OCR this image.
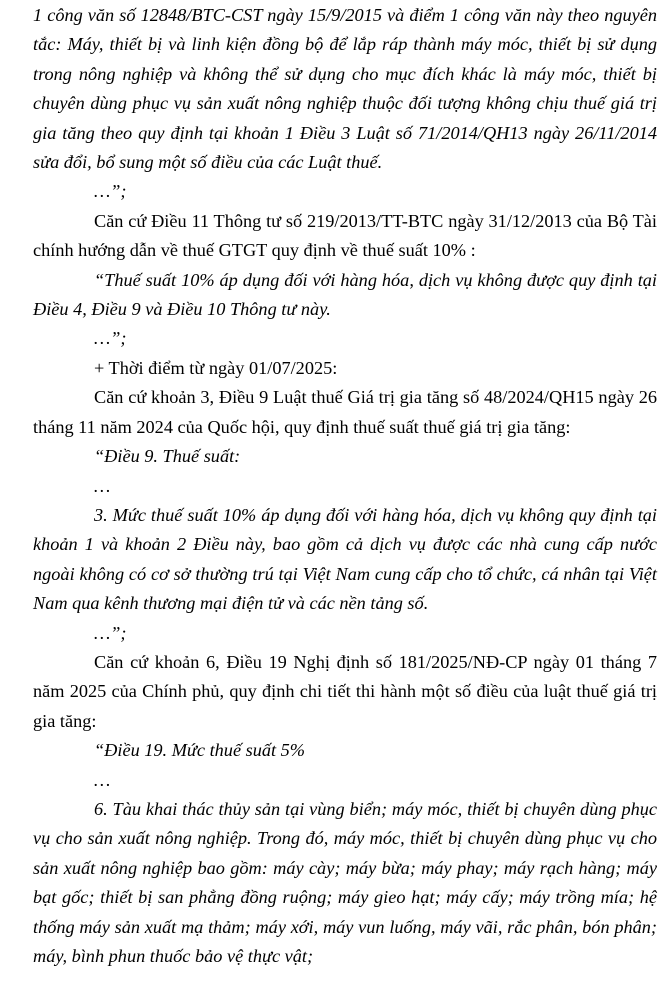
1 công văn số 12848/BTC-CST ngày 15/9/2015 và điểm 1 công văn này theo nguyên tắc: Máy, thiết bị và linh kiện đồng bộ để lắp ráp thành máy móc, thiết bị sử dụng trong nông nghiệp và không thể sử dụng cho mục đích khác là máy móc, thiết bị chuyên dùng phục vụ sản xuất nông nghiệp thuộc đối tượng không chịu thuế giá trị gia tăng theo quy định tại khoản 1 Điều 3 Luật số 71/2014/QH13 ngày 26/11/2014 sửa đổi, bổ sung một số điều của các Luật thuế.

…”;

Căn cứ Điều 11 Thông tư số 219/2013/TT-BTC ngày 31/12/2013 của Bộ Tài chính hướng dẫn về thuế GTGT quy định về thuế suất 10% :

“Thuế suất 10% áp dụng đối với hàng hóa, dịch vụ không được quy định tại Điều 4, Điều 9 và Điều 10 Thông tư này.

…”;

+ Thời điểm từ ngày 01/07/2025:

Căn cứ khoản 3, Điều 9 Luật thuế Giá trị gia tăng số 48/2024/QH15 ngày 26 tháng 11 năm 2024 của Quốc hội, quy định thuế suất thuế giá trị gia tăng:

“Điều 9. Thuế suất:

…

3. Mức thuế suất 10% áp dụng đối với hàng hóa, dịch vụ không quy định tại khoản 1 và khoản 2 Điều này, bao gồm cả dịch vụ được các nhà cung cấp nước ngoài không có cơ sở thường trú tại Việt Nam cung cấp cho tổ chức, cá nhân tại Việt Nam qua kênh thương mại điện tử và các nền tảng số.

…”;

Căn cứ khoản 6, Điều 19 Nghị định số 181/2025/NĐ-CP ngày 01 tháng 7 năm 2025 của Chính phủ, quy định chi tiết thi hành một số điều của luật thuế giá trị gia tăng:

“Điều 19. Mức thuế suất 5%

…

6. Tàu khai thác thủy sản tại vùng biển; máy móc, thiết bị chuyên dùng phục vụ cho sản xuất nông nghiệp. Trong đó, máy móc, thiết bị chuyên dùng phục vụ cho sản xuất nông nghiệp bao gồm: máy cày; máy bừa; máy phay; máy rạch hàng; máy bạt gốc; thiết bị san phẳng đồng ruộng; máy gieo hạt; máy cấy; máy trồng mía; hệ thống máy sản xuất mạ thảm; máy xới, máy vun luống, máy vãi, rắc phân, bón phân; máy, bình phun thuốc bảo vệ thực vật;
